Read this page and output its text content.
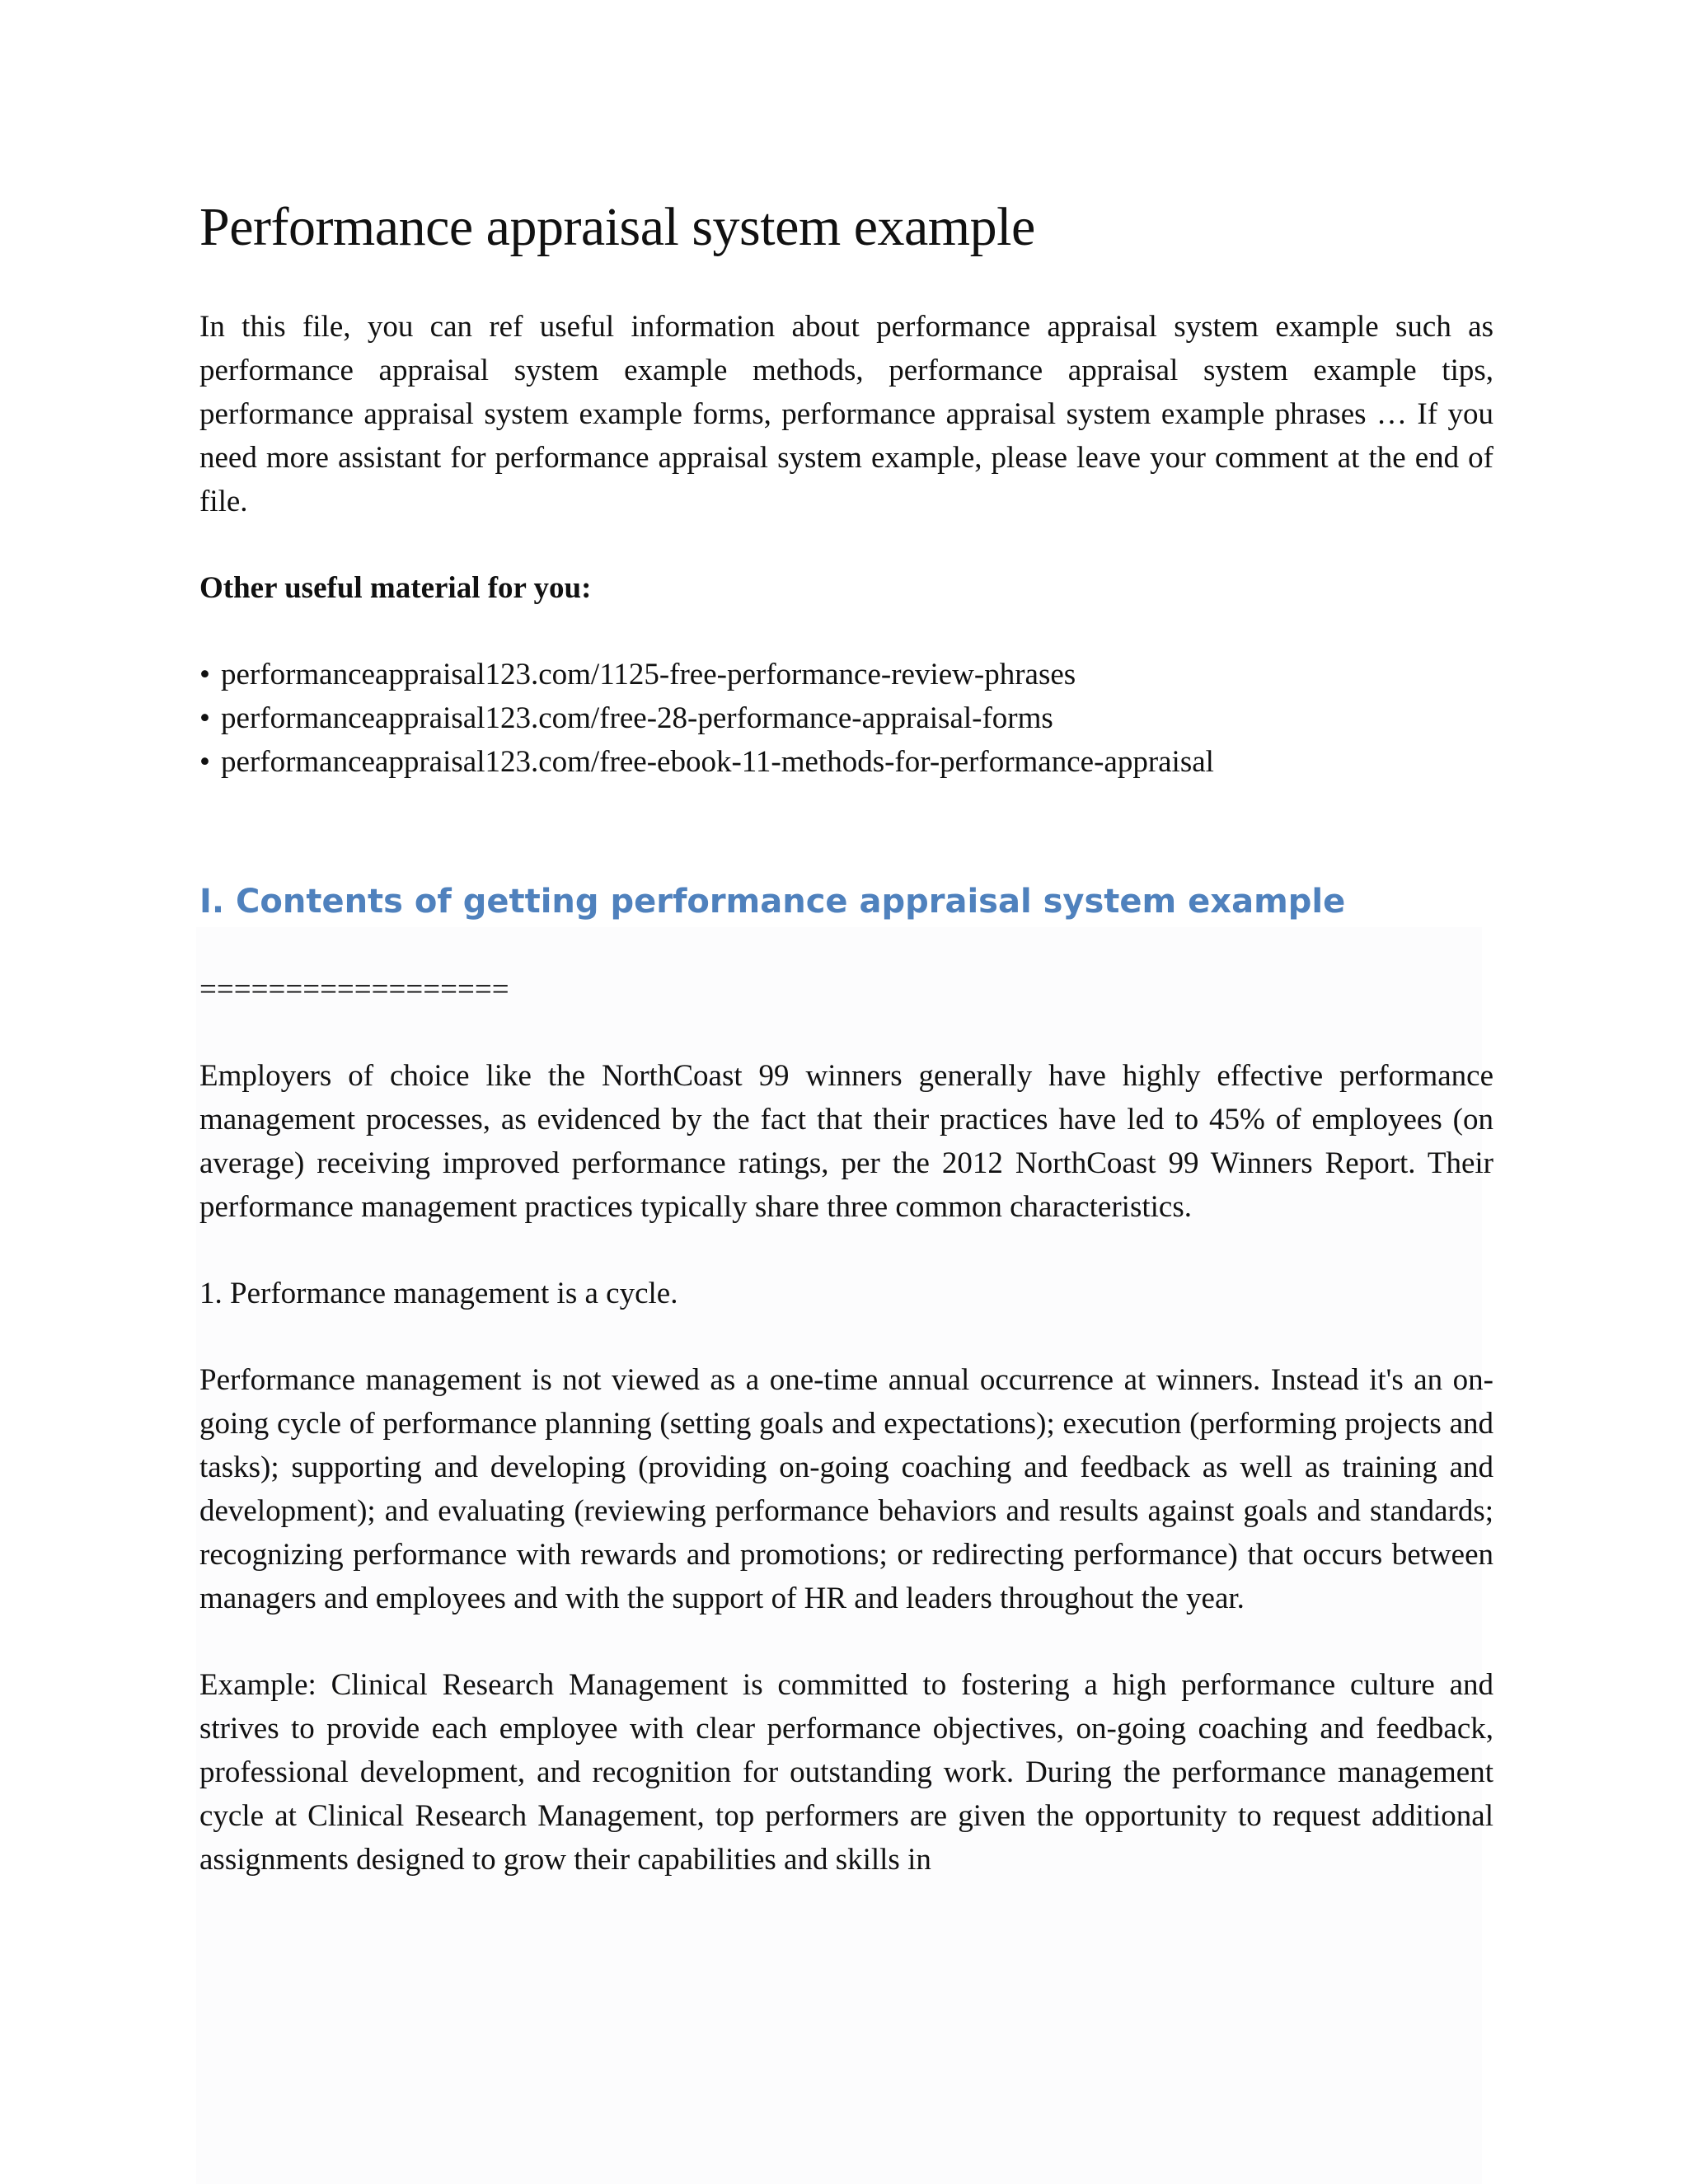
Performance appraisal system example

In this file, you can ref useful information about performance appraisal system example such as performance appraisal system example methods, performance appraisal system example tips, performance appraisal system example forms, performance appraisal system example phrases … If you need more assistant for performance appraisal system example, please leave your comment at the end of file.

Other useful material for you:

• performanceappraisal123.com/1125-free-performance-review-phrases
• performanceappraisal123.com/free-28-performance-appraisal-forms
• performanceappraisal123.com/free-ebook-11-methods-for-performance-appraisal
I. Contents of getting performance appraisal system example

==================

Employers of choice like the NorthCoast 99 winners generally have highly effective performance management processes, as evidenced by the fact that their practices have led to 45% of employees (on average) receiving improved performance ratings, per the 2012 NorthCoast 99 Winners Report. Their performance management practices typically share three common characteristics.

1. Performance management is a cycle.

Performance management is not viewed as a one-time annual occurrence at winners. Instead it's an on-going cycle of performance planning (setting goals and expectations); execution (performing projects and tasks); supporting and developing (providing on-going coaching and feedback as well as training and development); and evaluating (reviewing performance behaviors and results against goals and standards; recognizing performance with rewards and promotions; or redirecting performance) that occurs between managers and employees and with the support of HR and leaders throughout the year.

Example: Clinical Research Management is committed to fostering a high performance culture and strives to provide each employee with clear performance objectives, on-going coaching and feedback, professional development, and recognition for outstanding work. During the performance management cycle at Clinical Research Management, top performers are given the opportunity to request additional assignments designed to grow their capabilities and skills in
